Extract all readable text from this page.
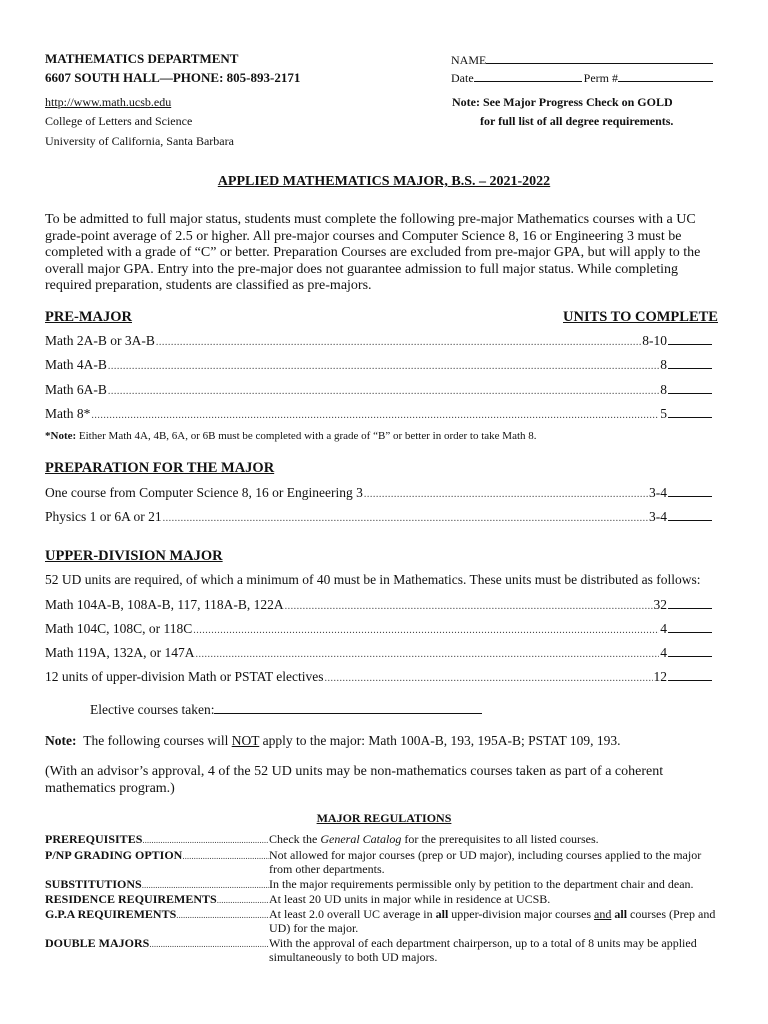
MATHEMATICS DEPARTMENT
6607 SOUTH HALL—PHONE: 805-893-2171
http://www.math.ucsb.edu
College of Letters and Science
University of California, Santa Barbara
NAME
Date	Perm #
Note: See Major Progress Check on GOLD
for full list of all degree requirements.
APPLIED MATHEMATICS MAJOR, B.S. – 2021-2022
To be admitted to full major status, students must complete the following pre-major Mathematics courses with a UC grade-point average of 2.5 or higher. All pre-major courses and Computer Science 8, 16 or Engineering 3 must be completed with a grade of “C” or better. Preparation Courses are excluded from pre-major GPA, but will apply to the overall major GPA. Entry into the pre-major does not guarantee admission to full major status. While completing required preparation, students are classified as pre-majors.
PRE-MAJOR	UNITS TO COMPLETE
Math 2A-B or 3A-B .....	8-10
Math 4A-B .....	8
Math 6A-B .....	8
Math 8* .....	5
*Note: Either Math 4A, 4B, 6A, or 6B must be completed with a grade of “B” or better in order to take Math 8.
PREPARATION FOR THE MAJOR
One course from Computer Science 8, 16 or Engineering 3 .....	3-4
Physics 1 or 6A or 21 .....	3-4
UPPER-DIVISION MAJOR
52 UD units are required, of which a minimum of 40 must be in Mathematics. These units must be distributed as follows:
Math 104A-B, 108A-B, 117, 118A-B, 122A .....	32
Math 104C, 108C, or 118C .....	4
Math 119A, 132A, or 147A .....	4
12 units of upper-division Math or PSTAT electives .....	12
Elective courses taken:
Note: The following courses will NOT apply to the major: Math 100A-B, 193, 195A-B; PSTAT 109, 193.
(With an advisor’s approval, 4 of the 52 UD units may be non-mathematics courses taken as part of a coherent mathematics program.)
MAJOR REGULATIONS
PREREQUISITES .....	Check the General Catalog for the prerequisites to all listed courses.
P/NP GRADING OPTION .....	Not allowed for major courses (prep or UD major), including courses applied to the major from other departments.
SUBSTITUTIONS .....	In the major requirements permissible only by petition to the department chair and dean.
RESIDENCE REQUIREMENTS .....	At least 20 UD units in major while in residence at UCSB.
G.P.A REQUIREMENTS .....	At least 2.0 overall UC average in all upper-division major courses and all courses (Prep and UD) for the major.
DOUBLE MAJORS .....	With the approval of each department chairperson, up to a total of 8 units may be applied simultaneously to both UD majors.
